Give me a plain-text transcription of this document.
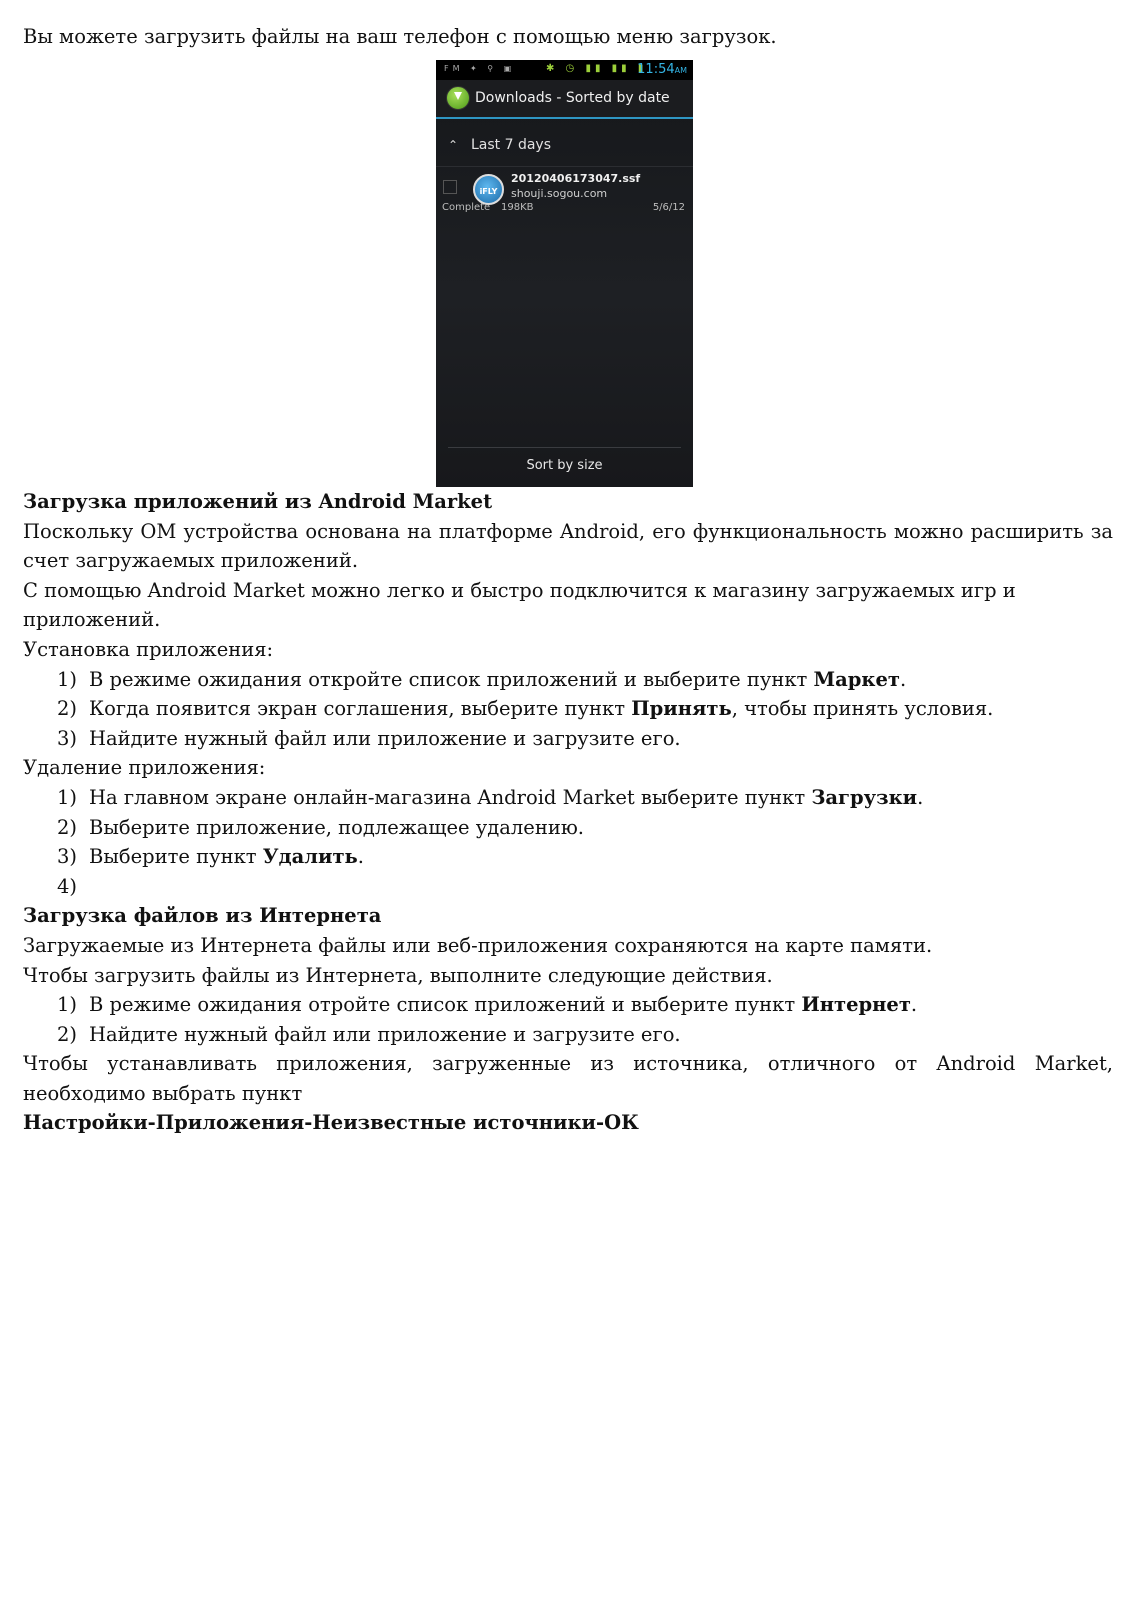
Вы можете загрузить файлы на ваш телефон с помощью меню загрузок.

FM ✦ ⚲ ▣	✱ ◷ ▮▮ ▮▮ ▮
11:54AM
Downloads - Sorted by date
⌃ Last 7 days
iFLY
20120406173047.ssf
shouji.sogou.com
Complete 198KB	5/6/12
Sort by size

Загрузка приложений из Android Market

Поскольку ОМ устройства основана на платформе Android, его функциональность можно расширить за счет загружаемых приложений.

С помощью Android Market можно легко и быстро подключится к магазину загружаемых игр и приложений.

Установка приложения:

1) В режиме ожидания откройте список приложений и выберите пункт Маркет.
2) Когда появится экран соглашения, выберите пункт Принять, чтобы принять условия.
3) Найдите нужный файл или приложение и загрузите его.

Удаление приложения:

1) На главном экране онлайн-магазина Android Market выберите пункт Загрузки.
2) Выберите приложение, подлежащее удалению.
3) Выберите пункт Удалить.
4)

Загрузка файлов из Интернета

Загружаемые из Интернета файлы или веб-приложения сохраняются на карте памяти.

Чтобы загрузить файлы из Интернета, выполните следующие действия.

1) В режиме ожидания отройте список приложений и выберите пункт Интернет.
2) Найдите нужный файл или приложение и загрузите его.

Чтобы устанавливать приложения, загруженные из источника, отличного от Android Market, необходимо выбрать пункт

Настройки-Приложения-Неизвестные источники-ОК
